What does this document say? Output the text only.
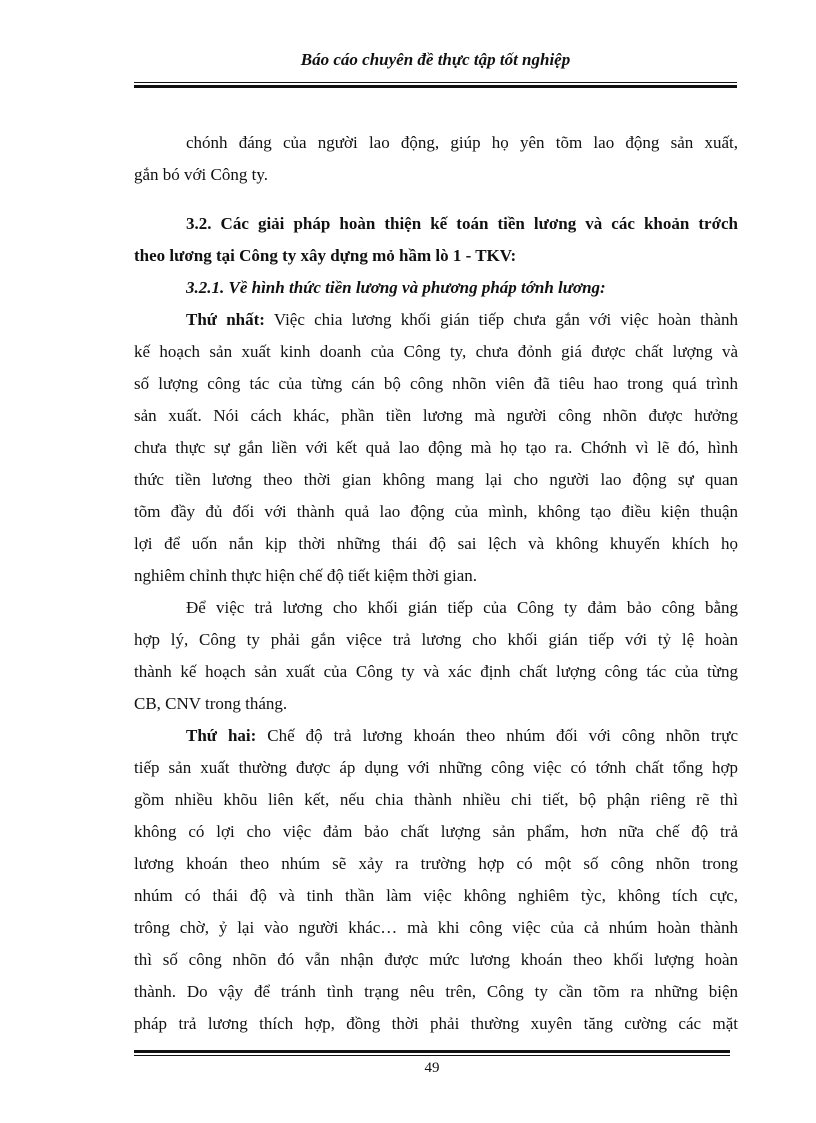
Báo cáo chuyên đề thực tập tốt nghiệp
chónh đáng của người lao động, giúp họ yên tõm lao động sản xuất,
gắn bó với Công ty.
3.2. Các giải pháp hoàn thiện kế toán tiền lương và các khoản trớch
theo lương tại Công ty xây dựng mỏ hầm lò 1 - TKV:
3.2.1. Về hình thức tiền lương và phương pháp tớnh lương:
Thứ nhất: Việc chia lương khối gián tiếp chưa gắn với việc hoàn thành
kế hoạch sản xuất kinh doanh của Công ty, chưa đỏnh giá được chất lượng và
số lượng công tác của từng cán bộ công nhõn viên đã tiêu hao trong quá trình
sản xuất. Nói cách khác, phần tiền lương mà người công nhõn được hưởng
chưa thực sự gắn liền với kết quả lao động mà họ tạo ra. Chớnh vì lẽ đó, hình
thức tiền lương theo thời gian không mang lại cho người lao động sự quan
tõm đầy đủ đối với thành quả lao động của mình, không tạo điều kiện thuận
lợi để uốn nắn kịp thời những thái độ sai lệch và không khuyến khích họ
nghiêm chỉnh thực hiện chế độ tiết kiệm thời gian.
Để việc trả lương cho khối gián tiếp của Công ty đảm bảo công bằng
hợp lý, Công ty phải gắn việce trả lương cho khối gián tiếp với tỷ lệ hoàn
thành kế hoạch sản xuất của Công ty và xác định chất lượng công tác của từng
CB, CNV trong tháng.
Thứ hai: Chế độ trả lương khoán theo nhúm đối với công nhõn trực
tiếp sản xuất thường được áp dụng với những công việc có tớnh chất tổng hợp
gồm nhiều khõu liên kết, nếu chia thành nhiều chi tiết, bộ phận riêng rẽ thì
không có lợi cho việc đảm bảo chất lượng sản phẩm, hơn nữa chế độ trả
lương khoán theo nhúm sẽ xảy ra trường hợp có một số công nhõn trong
nhúm có thái độ và tinh thần làm việc không nghiêm tỳc, không tích cực,
trông chờ, ỷ lại vào người khác… mà khi công việc của cả nhúm hoàn thành
thì số công nhõn đó vẫn nhận được mức lương khoán theo khối lượng hoàn
thành. Do vậy để tránh tình trạng nêu trên, Công ty cần tõm ra những biện
pháp trả lương thích hợp, đồng thời phải thường xuyên tăng cường các mặt
49
